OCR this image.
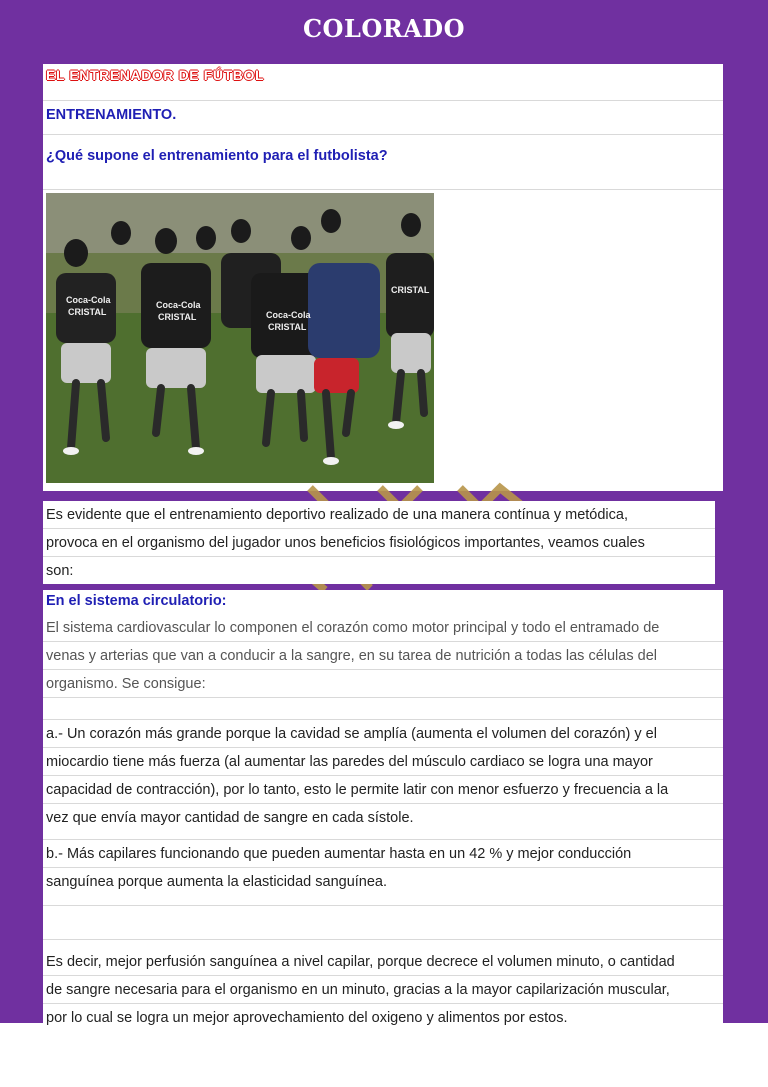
COLORADO
EL ENTRENADOR DE FÚTBOL
ENTRENAMIENTO.
¿Qué supone el entrenamiento para el futbolista?
Coca-Cola
CRISTAL
Coca-Cola
CRISTAL	Coca-Cola
CRISTAL
CRISTAL
Es evidente que el entrenamiento deportivo realizado de una manera contínua y metódica,
provoca en el organismo del jugador unos beneficios fisiológicos importantes, veamos cuales
son:
En el sistema circulatorio:
El sistema cardiovascular lo componen el corazón como motor principal y todo el entramado de
venas y arterias que van a conducir a la sangre, en su tarea de nutrición a todas las células del
organismo. Se consigue:
a.- Un corazón más grande porque la cavidad se amplía (aumenta el volumen del corazón) y el
miocardio tiene más fuerza (al aumentar las paredes del músculo cardiaco se logra una mayor
capacidad de contracción), por lo tanto, esto le permite latir con menor esfuerzo y frecuencia a la
vez que envía mayor cantidad de sangre en cada sístole.
b.- Más capilares funcionando que pueden aumentar hasta en un 42 % y mejor conducción
sanguínea porque aumenta la elasticidad sanguínea.
Es decir, mejor perfusión sanguínea a nivel capilar, porque decrece el volumen minuto, o cantidad
de sangre necesaria para el organismo en un minuto, gracias a la mayor capilarización muscular,
por lo cual se logra un mejor aprovechamiento del oxigeno y alimentos por estos.
